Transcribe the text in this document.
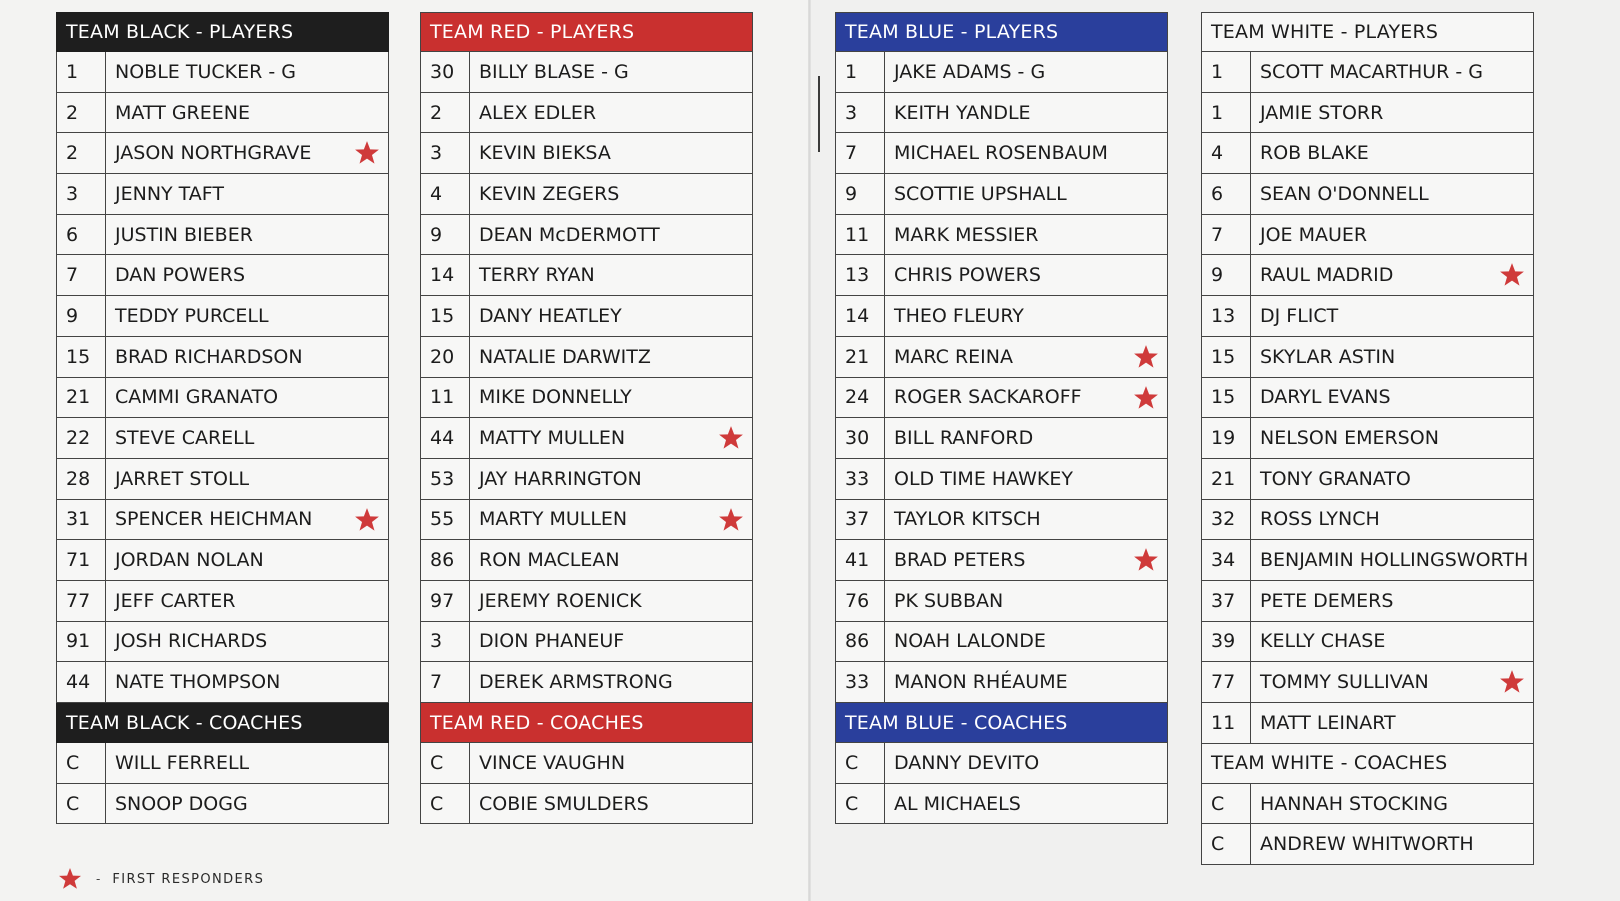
TEAM BLACK - PLAYERS
1	NOBLE TUCKER - G
2	MATT GREENE
2	JASON NORTHGRAVE
3	JENNY TAFT
6	JUSTIN BIEBER
7	DAN POWERS
9	TEDDY PURCELL
15	BRAD RICHARDSON
21	CAMMI GRANATO
22	STEVE CARELL
28	JARRET STOLL
31	SPENCER HEICHMAN
71	JORDAN NOLAN
77	JEFF CARTER
91	JOSH RICHARDS
44	NATE THOMPSON
TEAM BLACK - COACHES
C	WILL FERRELL
C	SNOOP DOGG
TEAM RED - PLAYERS
30	BILLY BLASE - G
2	ALEX EDLER
3	KEVIN BIEKSA
4	KEVIN ZEGERS
9	DEAN McDERMOTT
14	TERRY RYAN
15	DANY HEATLEY
20	NATALIE DARWITZ
11	MIKE DONNELLY
44	MATTY MULLEN
53	JAY HARRINGTON
55	MARTY MULLEN
86	RON MACLEAN
97	JEREMY ROENICK
3	DION PHANEUF
7	DEREK ARMSTRONG
TEAM RED - COACHES
C	VINCE VAUGHN
C	COBIE SMULDERS
TEAM BLUE - PLAYERS
1	JAKE ADAMS - G
3	KEITH YANDLE
7	MICHAEL ROSENBAUM
9	SCOTTIE UPSHALL
11	MARK MESSIER
13	CHRIS POWERS
14	THEO FLEURY
21	MARC REINA
24	ROGER SACKAROFF
30	BILL RANFORD
33	OLD TIME HAWKEY
37	TAYLOR KITSCH
41	BRAD PETERS
76	PK SUBBAN
86	NOAH LALONDE
33	MANON RHÉAUME
TEAM BLUE - COACHES
C	DANNY DEVITO
C	AL MICHAELS
TEAM WHITE - PLAYERS
1	SCOTT MACARTHUR - G
1	JAMIE STORR
4	ROB BLAKE
6	SEAN O'DONNELL
7	JOE MAUER
9	RAUL MADRID
13	DJ FLICT
15	SKYLAR ASTIN
15	DARYL EVANS
19	NELSON EMERSON
21	TONY GRANATO
32	ROSS LYNCH
34	BENJAMIN HOLLINGSWORTH
37	PETE DEMERS
39	KELLY CHASE
77	TOMMY SULLIVAN
11	MATT LEINART
TEAM WHITE - COACHES
C	HANNAH STOCKING
C	ANDREW WHITWORTH
- FIRST RESPONDERS
